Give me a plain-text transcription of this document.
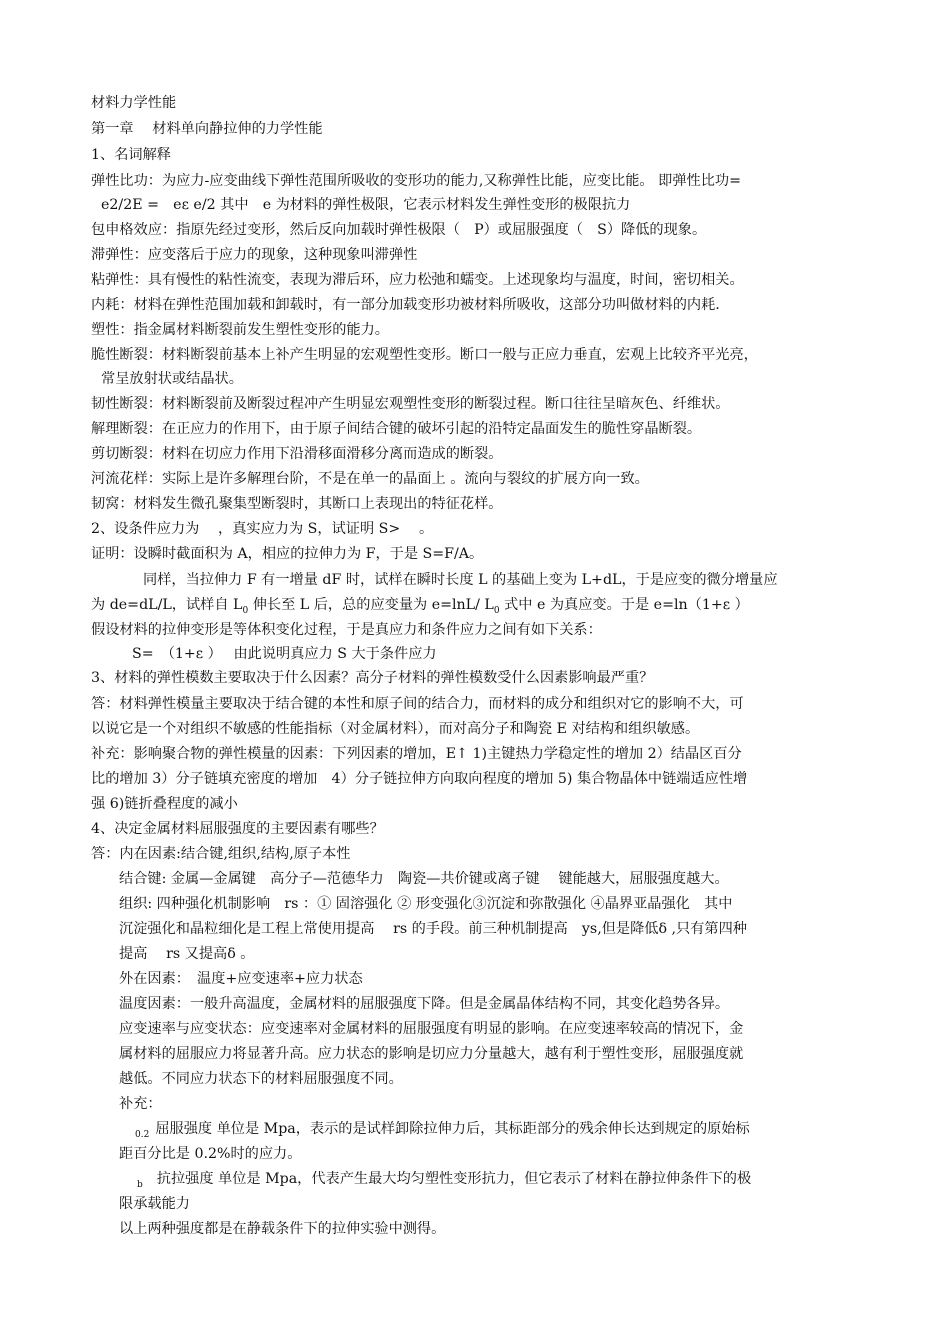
材料力学性能
第一章　 材料单向静拉伸的力学性能
1、名词解释
弹性比功：为应力-应变曲线下弹性范围所吸收的变形功的能力,又称弹性比能，应变比能。 即弹性比功=
e2/2E =　eε e/2 其中　e 为材料的弹性极限，它表示材料发生弹性变形的极限抗力
包申格效应：指原先经过变形，然后反向加载时弹性极限（　P）或屈服强度（　S）降低的现象。
滞弹性：应变落后于应力的现象，这种现象叫滞弹性
粘弹性：具有慢性的粘性流变，表现为滞后环，应力松弛和蠕变。上述现象均与温度，时间，密切相关。
内耗：材料在弹性范围加载和卸载时，有一部分加载变形功被材料所吸收，这部分功叫做材料的内耗.
塑性：指金属材料断裂前发生塑性变形的能力。
脆性断裂：材料断裂前基本上补产生明显的宏观塑性变形。断口一般与正应力垂直，宏观上比较齐平光亮，
常呈放射状或结晶状。
韧性断裂：材料断裂前及断裂过程冲产生明显宏观塑性变形的断裂过程。断口往往呈暗灰色、纤维状。
解理断裂：在正应力的作用下，由于原子间结合键的破坏引起的沿特定晶面发生的脆性穿晶断裂。
剪切断裂：材料在切应力作用下沿滑移面滑移分离而造成的断裂。
河流花样：实际上是许多解理台阶，不是在单一的晶面上 。流向与裂纹的扩展方向一致。
韧窝：材料发生微孔聚集型断裂时，其断口上表现出的特征花样。
2、设条件应力为　 ，真实应力为 S，试证明 S>　 。
证明：设瞬时截面积为 A，相应的拉伸力为 F，于是 S=F/A。
同样，当拉伸力 F 有一增量 dF 时，试样在瞬时长度 L 的基础上变为 L+dL，于是应变的微分增量应
为 de=dL/L，试样自 $L_0$ 伸长至 L 后，总的应变量为 e=lnL/ $L_0$ 式中 e 为真应变。于是 e=ln（1+ε ）
假设材料的拉伸变形是等体积变化过程，于是真应力和条件应力之间有如下关系：
S=　（1+ε ）　 由此说明真应力 S 大于条件应力
3、材料的弹性模数主要取决于什么因素？高分子材料的弹性模数受什么因素影响最严重？
答：材料弹性模量主要取决于结合键的本性和原子间的结合力，而材料的成分和组织对它的影响不大，可
以说它是一个对组织不敏感的性能指标（对金属材料），而对高分子和陶瓷 E 对结构和组织敏感。
补充：影响聚合物的弹性模量的因素：下列因素的增加，E↑ 1)主键热力学稳定性的增加 2）结晶区百分
比的增加 3）分子链填充密度的增加　4）分子链拉伸方向取向程度的增加 5) 集合物晶体中链端适应性增
强 6)链折叠程度的减小
4、决定金属材料屈服强度的主要因素有哪些？
答：内在因素:结合键,组织,结构,原子本性
结合键: 金属—金属键　高分子—范德华力　陶瓷—共价键或离子键　 键能越大，屈服强度越大。
组织: 四种强化机制影响　rs ：① 固溶强化 ② 形变强化③沉淀和弥散强化 ④晶界亚晶强化　其中
沉淀强化和晶粒细化是工程上常使用提高　 rs 的手段。前三种机制提高　ys,但是降低δ ,只有第四种
提高　 rs 又提高δ 。
外在因素：　温度+应变速率+应力状态
温度因素：一般升高温度，金属材料的屈服强度下降。但是金属晶体结构不同，其变化趋势各异。
应变速率与应变状态：应变速率对金属材料的屈服强度有明显的影响。在应变速率较高的情况下，金
属材料的屈服应力将显著升高。应力状态的影响是切应力分量越大，越有利于塑性变形，屈服强度就
越低。不同应力状态下的材料屈服强度不同。
补充：
$_{0.2}$ 屈服强度 单位是 Mpa，表示的是试样卸除拉伸力后，其标距部分的残余伸长达到规定的原始标
距百分比是 0.2%时的应力。
$_b$ 抗拉强度 单位是 Mpa，代表产生最大均匀塑性变形抗力，但它表示了材料在静拉伸条件下的极
限承载能力
以上两种强度都是在静载条件下的拉伸实验中测得。
